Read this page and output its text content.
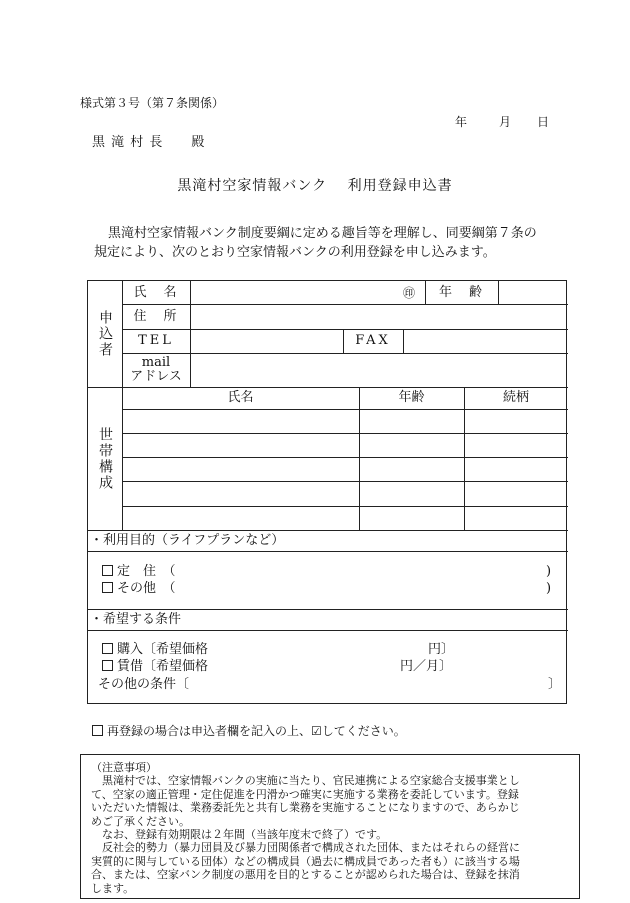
様式第３号（第７条関係）
年	月 日
黒 滝 村 長　　殿
黒滝村空家情報バンク　 利用登録申込書
黒滝村空家情報バンク制度要綱に定める趣旨等を理解し、同要綱第７条の
規定により、次のとおり空家情報バンクの利用登録を申し込みます。
申込者
氏　名	㊞	年　齢
住　所
TEL	FAX
mail
アドレス
世帯構成
氏名	年齢	続柄
・利用目的（ライフプランなど）
定　住　（	)
その他　（	)
・希望する条件
購入〔希望価格	円〕
賃借〔希望価格	円／月〕
その他の条件〔	〕
再登録の場合は申込者欄を記入の上、☑してください。

（注意事項）

　黒滝村では、空家情報バンクの実施に当たり、官民連携による空家総合支援事業とし

て、空家の適正管理・定住促進を円滑かつ確実に実施する業務を委託しています。登録

いただいた情報は、業務委託先と共有し業務を実施することになりますので、あらかじ

めご了承ください。

　なお、登録有効期限は２年間（当該年度末で終了）です。

　反社会的勢力（暴力団員及び暴力団関係者で構成された団体、またはそれらの経営に

実質的に関与している団体）などの構成員（過去に構成員であった者も）に該当する場

合、または、空家バンク制度の悪用を目的とすることが認められた場合は、登録を抹消

します。
